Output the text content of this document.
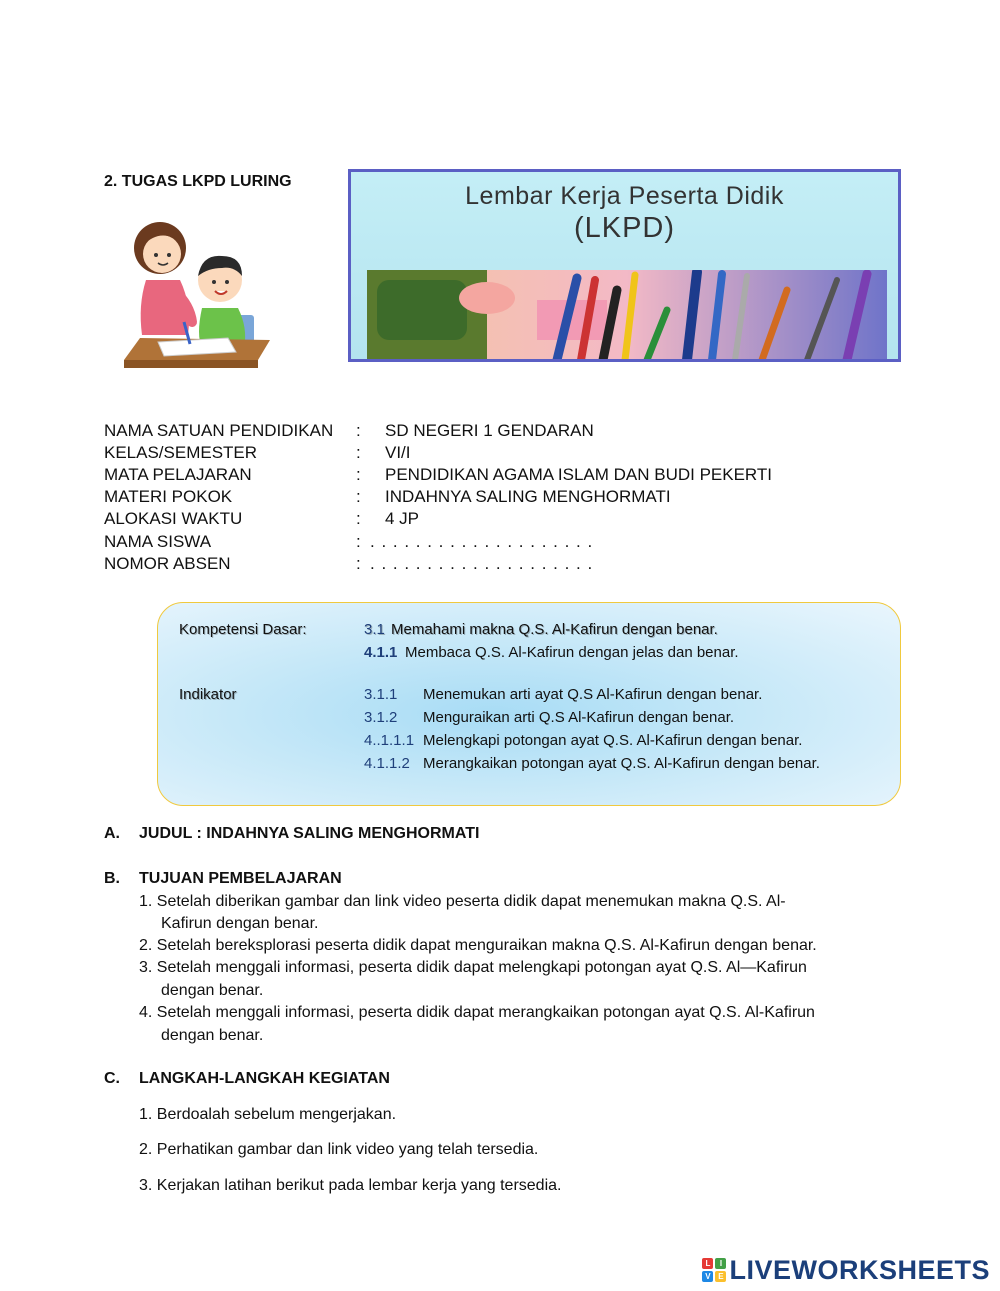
2. TUGAS LKPD LURING
Lembar Kerja Peserta Didik
(LKPD)
NAMA SATUAN PENDIDIKAN : SD NEGERI 1 GENDARAN
KELAS/SEMESTER	: VI/I
MATA PELAJARAN	: PENDIDIKAN AGAMA ISLAM DAN BUDI PEKERTI
MATERI POKOK	: INDAHNYA SALING MENGHORMATI
ALOKASI WAKTU	: 4 JP
NAMA SISWA	: . . . . . . . . . . . . . . . . . . . .
NOMOR ABSEN	: . . . . . . . . . . . . . . . . . . . .
Kompetensi Dasar:	3.1 Memahami makna Q.S. Al-Kafirun dengan benar.
4.1.1 Membaca Q.S. Al-Kafirun dengan jelas dan benar.
Indikator	3.1.1 Menemukan arti ayat Q.S Al-Kafirun dengan benar.
3.1.2 Menguraikan arti Q.S Al-Kafirun dengan benar.
4..1.1.1 Melengkapi potongan ayat Q.S. Al-Kafirun dengan benar.
4.1.1.2 Merangkaikan potongan ayat Q.S. Al-Kafirun dengan benar.
A. JUDUL : INDAHNYA SALING MENGHORMATI
B. TUJUAN PEMBELAJARAN
1. Setelah diberikan gambar dan link video peserta didik dapat menemukan makna Q.S. Al-
Kafirun dengan benar.
2. Setelah bereksplorasi peserta didik dapat menguraikan makna Q.S. Al-Kafirun dengan benar.
3. Setelah menggali informasi, peserta didik dapat melengkapi potongan ayat Q.S. Al—Kafirun
dengan benar.
4. Setelah menggali informasi, peserta didik dapat merangkaikan potongan ayat Q.S. Al-Kafirun
dengan benar.
C. LANGKAH-LANGKAH KEGIATAN
1. Berdoalah sebelum mengerjakan.
2. Perhatikan gambar dan link video yang telah tersedia.
3. Kerjakan latihan berikut pada lembar kerja yang tersedia.
L	I
V E LIVEWORKSHEETS
